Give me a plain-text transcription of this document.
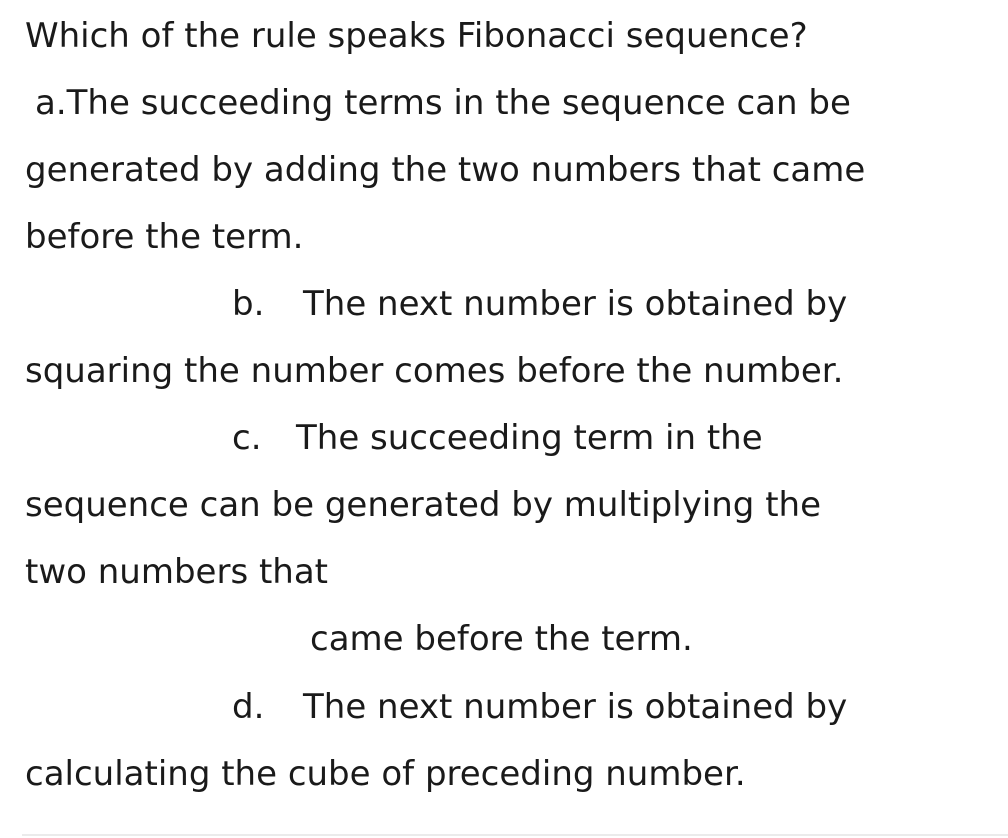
Which of the rule speaks Fibonacci sequence?
a.The succeeding terms in the sequence can be
generated by adding the two numbers that came
before the term.
b. The next number is obtained by
squaring the number comes before the number.
c. The succeeding term in the
sequence can be generated by multiplying the
two numbers that
came before the term.
d. The next number is obtained by
calculating the cube of preceding number.
